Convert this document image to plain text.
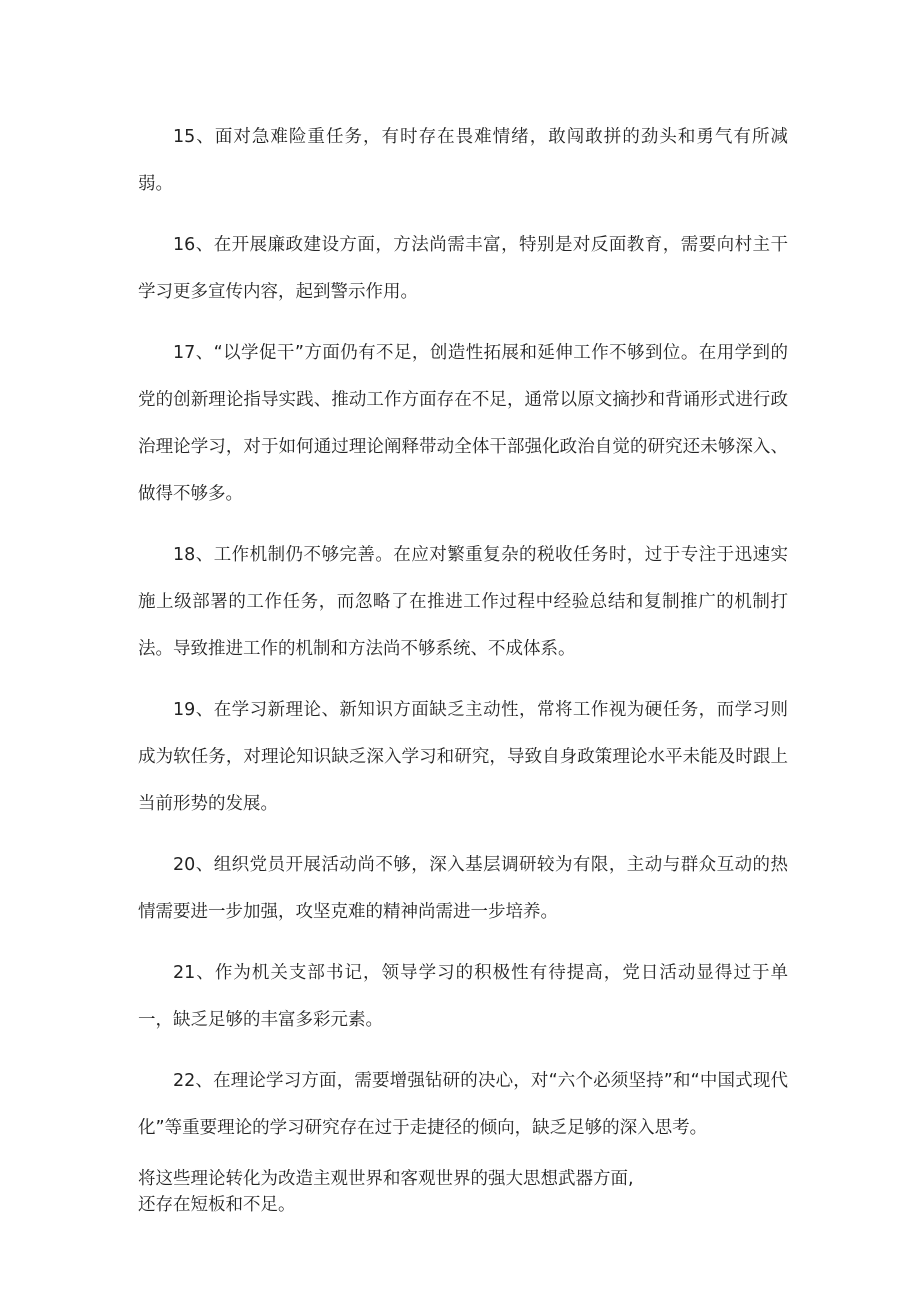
15、面对急难险重任务，有时存在畏难情绪，敢闯敢拼的劲头和勇气有所减弱。

16、在开展廉政建设方面，方法尚需丰富，特别是对反面教育，需要向村主干学习更多宣传内容，起到警示作用。

17、“以学促干”方面仍有不足，创造性拓展和延伸工作不够到位。在用学到的党的创新理论指导实践、推动工作方面存在不足，通常以原文摘抄和背诵形式进行政治理论学习，对于如何通过理论阐释带动全体干部强化政治自觉的研究还未够深入、做得不够多。

18、工作机制仍不够完善。在应对繁重复杂的税收任务时，过于专注于迅速实施上级部署的工作任务，而忽略了在推进工作过程中经验总结和复制推广的机制打法。导致推进工作的机制和方法尚不够系统、不成体系。

19、在学习新理论、新知识方面缺乏主动性，常将工作视为硬任务，而学习则成为软任务，对理论知识缺乏深入学习和研究，导致自身政策理论水平未能及时跟上当前形势的发展。

20、组织党员开展活动尚不够，深入基层调研较为有限，主动与群众互动的热情需要进一步加强，攻坚克难的精神尚需进一步培养。

21、作为机关支部书记，领导学习的积极性有待提高，党日活动显得过于单一，缺乏足够的丰富多彩元素。

22、在理论学习方面，需要增强钻研的决心，对“六个必须坚持”和“中国式现代化”等重要理论的学习研究存在过于走捷径的倾向，缺乏足够的深入思考。

将这些理论转化为改造主观世界和客观世界的强大思想武器方面,

还存在短板和不足。
